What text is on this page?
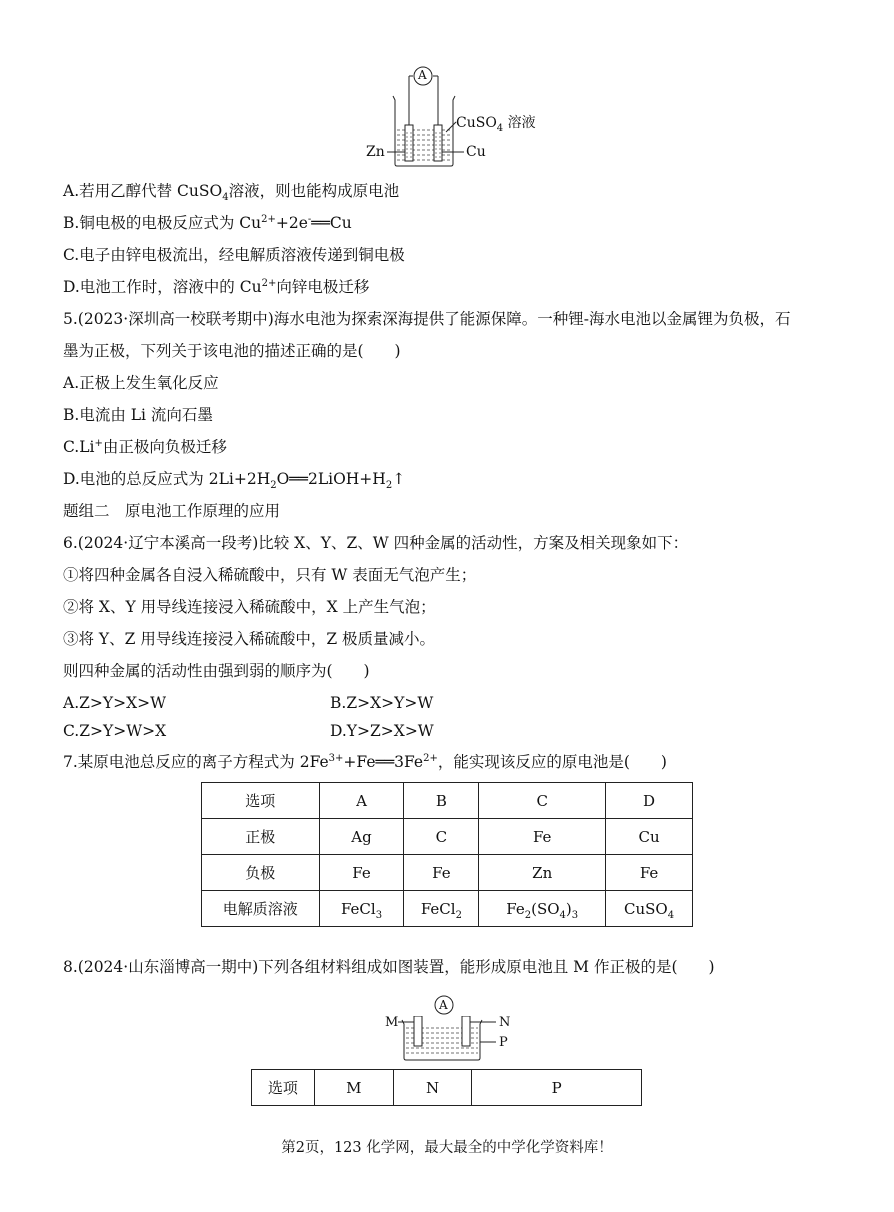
A
CuSO$_4$ 溶液
Zn	Cu
A.若用乙醇代替 CuSO$_4$溶液，则也能构成原电池
B.铜电极的电极反应式为 $Cu^{2+}+2e^-══Cu$
C.电子由锌电极流出，经电解质溶液传递到铜电极
D.电池工作时，溶液中的 $Cu^{2+}$向锌电极迁移
5.(2023·深圳高一校联考期中)海水电池为探索深海提供了能源保障。一种锂-海水电池以金属锂为负极，石
墨为正极，下列关于该电池的描述正确的是(　　)
A.正极上发生氧化反应
B.电流由 Li 流向石墨
C.Li+由正极向负极迁移
D.电池的总反应式为 $2Li+2H_2O══2LiOH+H_2↑$
题组二　原电池工作原理的应用
6.(2024·辽宁本溪高一段考)比较 X、Y、Z、W 四种金属的活动性，方案及相关现象如下：
①将四种金属各自浸入稀硫酸中，只有 W 表面无气泡产生；
②将 X、Y 用导线连接浸入稀硫酸中，X 上产生气泡；
③将 Y、Z 用导线连接浸入稀硫酸中，Z 极质量减小。
则四种金属的活动性由强到弱的顺序为(　　)
A.Z>Y>X>W	B.Z>X>Y>W
C.Z>Y>W>X	D.Y>Z>X>W
7.某原电池总反应的离子方程式为 $2Fe^{3+}+Fe══3Fe^{2+}$，能实现该反应的原电池是(　　)
选项	A	B	C	D
正极	Ag	C	Fe	Cu
负极	Fe	Fe	Zn	Fe
电解质溶液	FeCl$_3$	FeCl$_2$	$Fe_2(SO_4)_3$	CuSO$_4$
8.(2024·山东淄博高一期中)下列各组材料组成如图装置，能形成原电池且 M 作正极的是(　　)
A
M	N
P
选项	M	N	P
第2页，123 化学网，最大最全的中学化学资料库！
